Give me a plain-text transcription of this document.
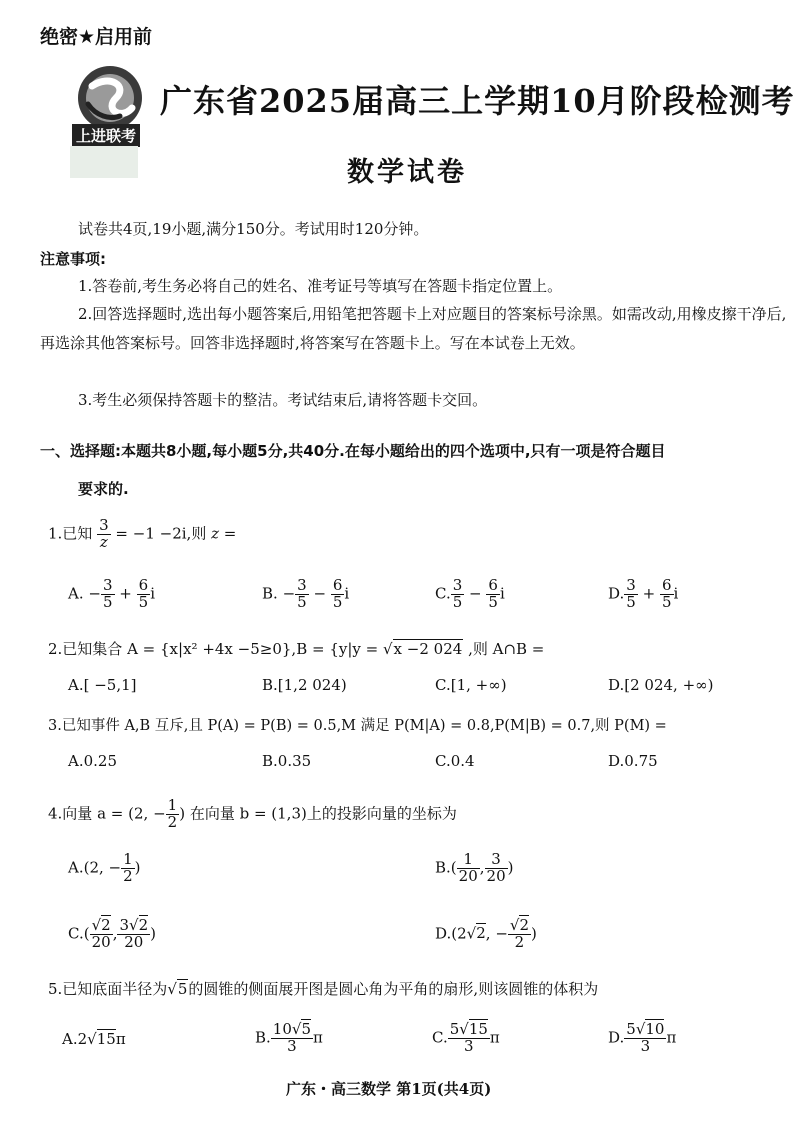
绝密★启用前
上进联考
广东省2025届高三上学期10月阶段检测考
数学试卷
试卷共4页,19小题,满分150分。考试用时120分钟。
注意事项:
1.答卷前,考生务必将自己的姓名、准考证号等填写在答题卡指定位置上。
2.回答选择题时,选出每小题答案后,用铅笔把答题卡上对应题目的答案标号涂黑。如需改动,用橡皮擦干净后,再选涂其他答案标号。回答非选择题时,将答案写在答题卡上。写在本试卷上无效。
3.考生必须保持答题卡的整洁。考试结束后,请将答题卡交回。
一、选择题:本题共8小题,每小题5分,共40分.在每小题给出的四个选项中,只有一项是符合题目
要求的.
1.已知 $\frac{3}{z} = -1 -2i$,则 z =
A. − $\frac{3}{5} + \frac{6}{5}$ i	B. − $\frac{3}{5} - \frac{6}{5}$ i	C. $\frac{3}{5} - \frac{6}{5}$ i	D. $\frac{3}{5} + \frac{6}{5}$ i
2.已知集合 A = {x|x² +4x −5≥0},B = {y|y = √x −2 024 ,则 A∩B =
A.[ −5,1]	B.[1,2 024)	C.[1, +∞)	D.[2 024, +∞)
3.已知事件 A,B 互斥,且 P(A) = P(B) = 0.5,M 满足 P(M|A) = 0.8,P(M|B) = 0.7,则 P(M) =
A.0.25	B.0.35	C.0.4	D.0.75
4.向量 a = (2, − $\frac{1}{2}$ ) 在向量 b = (1,3)上的投影向量的坐标为
A.(2, − $\frac{1}{2}$ )	$B.( \frac{1}{20}$ , $\frac{3}{20}$ )
$C.( \frac{√2}{20}$ , $\frac{3√2}{20}$ )	D.(2√2, − $\frac{√2}{2}$ )
5.已知底面半径为√5的圆锥的侧面展开图是圆心角为平角的扇形,则该圆锥的体积为
A.2√15π	B. $\frac{10√5}{3}$ π	C. $\frac{5√15}{3}$ π	D. $\frac{5√10}{3}$ π
广东・高三数学 第1页(共4页)
